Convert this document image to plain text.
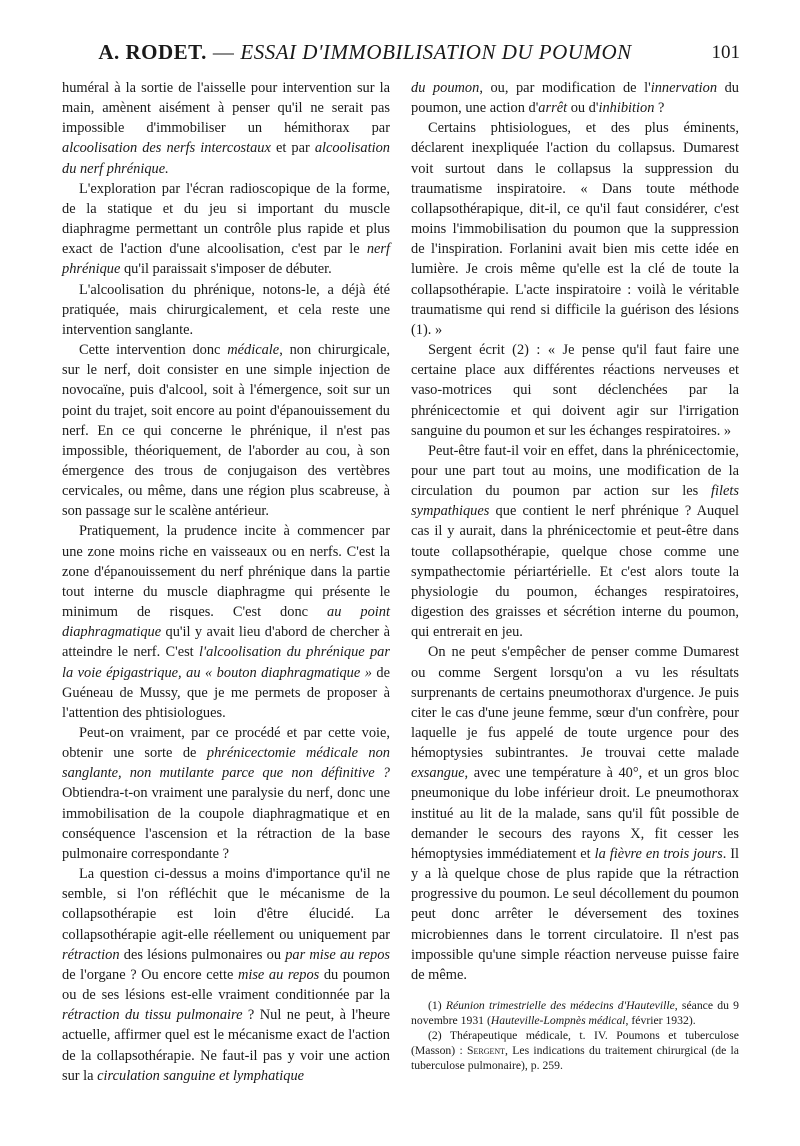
A. RODET. — ESSAI D'IMMOBILISATION DU POUMON	101

huméral à la sortie de l'aisselle pour intervention sur la main, amènent aisément à penser qu'il ne serait pas impossible d'immobiliser un hémithorax par alcoolisation des nerfs intercostaux et par alcoolisation du nerf phrénique.

L'exploration par l'écran radioscopique de la forme, de la statique et du jeu si important du muscle diaphragme permettant un contrôle plus rapide et plus exact de l'action d'une alcoolisation, c'est par le nerf phrénique qu'il paraissait s'imposer de débuter.

L'alcoolisation du phrénique, notons-le, a déjà été pratiquée, mais chirurgicalement, et cela reste une intervention sanglante.

Cette intervention donc médicale, non chirurgicale, sur le nerf, doit consister en une simple injection de novocaïne, puis d'alcool, soit à l'émergence, soit sur un point du trajet, soit encore au point d'épanouissement du nerf. En ce qui concerne le phrénique, il n'est pas impossible, théoriquement, de l'aborder au cou, à son émergence des trous de conjugaison des vertèbres cervicales, ou même, dans une région plus scabreuse, à son passage sur le scalène antérieur.

Pratiquement, la prudence incite à commencer par une zone moins riche en vaisseaux ou en nerfs. C'est la zone d'épanouissement du nerf phrénique dans la partie tout interne du muscle diaphragme qui présente le minimum de risques. C'est donc au point diaphragmatique qu'il y avait lieu d'abord de chercher à atteindre le nerf. C'est l'alcoolisation du phrénique par la voie épigastrique, au « bouton diaphragmatique » de Guéneau de Mussy, que je me permets de proposer à l'attention des phtisiologues.

Peut-on vraiment, par ce procédé et par cette voie, obtenir une sorte de phrénicectomie médicale non sanglante, non mutilante parce que non définitive ? Obtiendra-t-on vraiment une paralysie du nerf, donc une immobilisation de la coupole diaphragmatique et en conséquence l'ascension et la rétraction de la base pulmonaire correspondante ?

La question ci-dessus a moins d'importance qu'il ne semble, si l'on réfléchit que le mécanisme de la collapsothérapie est loin d'être élucidé. La collapsothérapie agit-elle réellement ou uniquement par rétraction des lésions pulmonaires ou par mise au repos de l'organe ? Ou encore cette mise au repos du poumon ou de ses lésions est-elle vraiment conditionnée par la rétraction du tissu pulmonaire ? Nul ne peut, à l'heure actuelle, affirmer quel est le mécanisme exact de l'action de la collapsothérapie. Ne faut-il pas y voir une action sur la circulation sanguine et lymphatique

du poumon, ou, par modification de l'innervation du poumon, une action d'arrêt ou d'inhibition ?

Certains phtisiologues, et des plus éminents, déclarent inexpliquée l'action du collapsus. Dumarest voit surtout dans le collapsus la suppression du traumatisme inspiratoire. « Dans toute méthode collapsothérapique, dit-il, ce qu'il faut considérer, c'est moins l'immobilisation du poumon que la suppression de l'inspiration. Forlanini avait bien mis cette idée en lumière. Je crois même qu'elle est la clé de toute la collapsothérapie. L'acte inspiratoire : voilà le véritable traumatisme qui rend si difficile la guérison des lésions (1). »

Sergent écrit (2) : « Je pense qu'il faut faire une certaine place aux différentes réactions nerveuses et vaso-motrices qui sont déclenchées par la phrénicectomie et qui doivent agir sur l'irrigation sanguine du poumon et sur les échanges respiratoires. »

Peut-être faut-il voir en effet, dans la phrénicectomie, pour une part tout au moins, une modification de la circulation du poumon par action sur les filets sympathiques que contient le nerf phrénique ? Auquel cas il y aurait, dans la phrénicectomie et peut-être dans toute collapsothérapie, quelque chose comme une sympathectomie périartérielle. Et c'est alors toute la physiologie du poumon, échanges respiratoires, digestion des graisses et sécrétion interne du poumon, qui entrerait en jeu.

On ne peut s'empêcher de penser comme Dumarest ou comme Sergent lorsqu'on a vu les résultats surprenants de certains pneumothorax d'urgence. Je puis citer le cas d'une jeune femme, sœur d'un confrère, pour laquelle je fus appelé de toute urgence pour des hémoptysies subintrantes. Je trouvai cette malade exsangue, avec une température à 40°, et un gros bloc pneumonique du lobe inférieur droit. Le pneumothorax institué au lit de la malade, sans qu'il fût possible de demander le secours des rayons X, fit cesser les hémoptysies immédiatement et la fièvre en trois jours. Il y a là quelque chose de plus rapide que la rétraction progressive du poumon. Le seul décollement du poumon peut donc arrêter le déversement des toxines microbiennes dans le torrent circulatoire. Il n'est pas impossible qu'une simple réaction nerveuse puisse faire de même.

(1) Réunion trimestrielle des médecins d'Hauteville, séance du 9 novembre 1931 (Hauteville-Lompnès médical, février 1932).

(2) Thérapeutique médicale, t. IV. Poumons et tuberculose (Masson) : Sergent, Les indications du traitement chirurgical (de la tuberculose pulmonaire), p. 259.
